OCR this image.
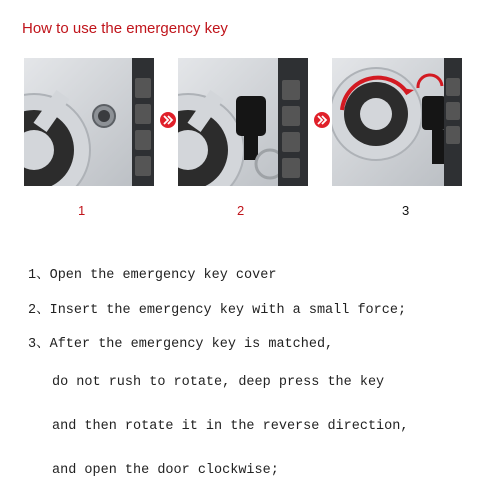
How to use the emergency key
1	2	3
1、Open the emergency key cover
2、Insert the emergency key with a small force;
3、After the emergency key is matched,
do not rush to rotate, deep press the key
and then rotate it in the reverse direction,
and open the door clockwise;
